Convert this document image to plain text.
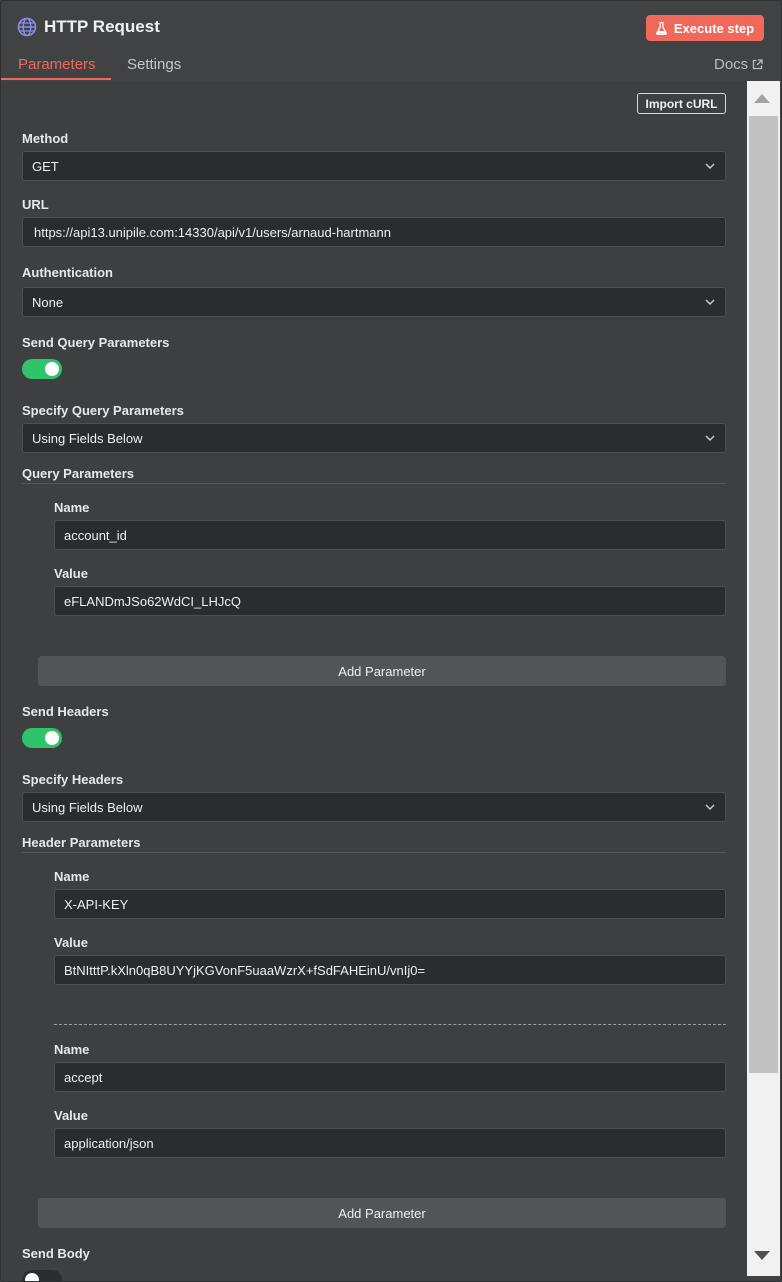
HTTP Request	Execute step
Parameters Settings	Docs
Import cURL
Method
GET
URL
https://api13.unipile.com:14330/api/v1/users/arnaud-hartmann
Authentication
None
Send Query Parameters
Specify Query Parameters
Using Fields Below
Query Parameters
Name
account_id
Value
eFLANDmJSo62WdCI_LHJcQ
Add Parameter
Send Headers
Specify Headers
Using Fields Below
Header Parameters
Name
X-API-KEY
Value
BtNItttP.kXln0qB8UYYjKGVonF5uaaWzrX+fSdFAHEinU/vnIj0=
Name
accept
Value
application/json
Add Parameter
Send Body
